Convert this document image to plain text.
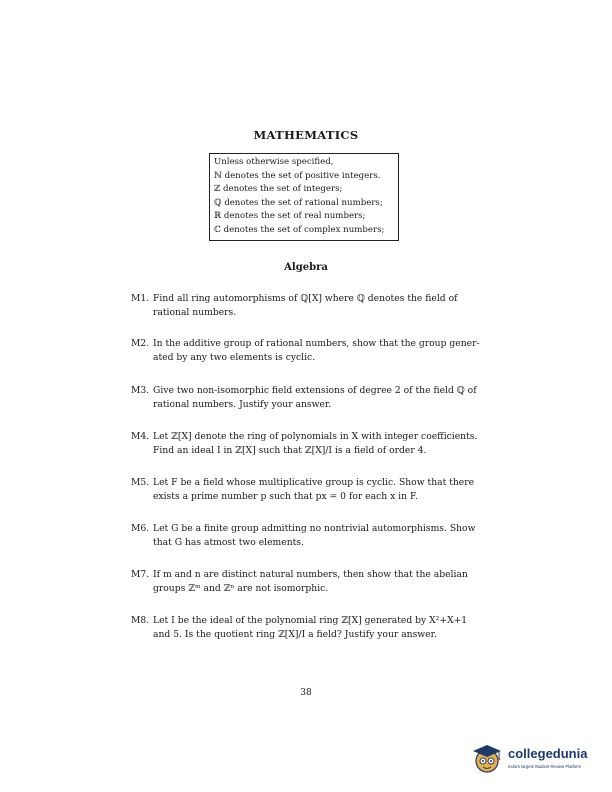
MATHEMATICS
Unless otherwise specified,
ℕ denotes the set of positive integers.
ℤ denotes the set of integers;
ℚ denotes the set of rational numbers;
ℝ denotes the set of real numbers;
ℂ denotes the set of complex numbers;
Algebra
M1. Find all ring automorphisms of ℚ[X] where ℚ denotes the field of
rational numbers.
M2. In the additive group of rational numbers, show that the group gener-
ated by any two elements is cyclic.
M3. Give two non-isomorphic field extensions of degree 2 of the field ℚ of
rational numbers. Justify your answer.
M4. Let ℤ[X] denote the ring of polynomials in X with integer coefficients.
Find an ideal I in ℤ[X] such that ℤ[X]/I is a field of order 4.
M5. Let F be a field whose multiplicative group is cyclic. Show that there
exists a prime number p such that px = 0 for each x in F.
M6. Let G be a finite group admitting no nontrivial automorphisms. Show
that G has atmost two elements.
M7. If m and n are distinct natural numbers, then show that the abelian
groups ℤᵐ and ℤⁿ are not isomorphic.
M8. Let I be the ideal of the polynomial ring ℤ[X] generated by X²+X+1
and 5. Is the quotient ring ℤ[X]/I a field? Justify your answer.
38
collegedunia
India's largest Student Review Platform
